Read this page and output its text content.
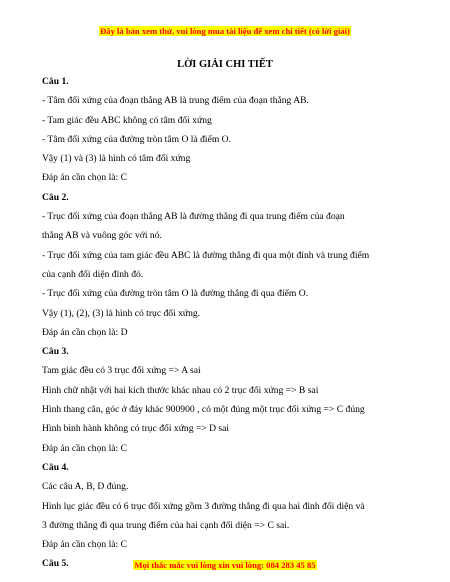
Đây là bản xem thử, vui lòng mua tài liệu để xem chi tiết (có lời giải)
LỜI GIẢI CHI TIẾT
Câu 1.
- Tâm đối xứng của đoạn thẳng AB là trung điểm của đoạn thẳng AB.
- Tam giác đều ABC không có tâm đối xứng
- Tâm đối xứng của đường tròn tâm O là điểm O.
Vậy (1) và (3) là hình có tâm đối xứng
Đáp án cần chọn là: C
Câu 2.
- Trục đối xứng của đoạn thẳng AB là đường thẳng đi qua trung điểm của đoạn
thẳng AB và vuông góc với nó.
- Trục đối xứng của tam giác đều ABC là đường thẳng đi qua một đỉnh và trung điểm
của cạnh đối diện đỉnh đó.
- Trục đối xứng của đường tròn tâm O là đường thẳng đi qua điểm O.
Vậy (1), (2), (3) là hình có trục đối xứng.
Đáp án cần chọn là: D
Câu 3.
Tam giác đều có 3 trục đối xứng => A sai
Hình chữ nhật với hai kích thước khác nhau có 2 trục đối xứng => B sai
Hình thang cân, góc ở đáy khác 900900 , có một đúng một trục đối xứng => C đúng
Hình bình hành không có trục đối xứng => D sai
Đáp án cần chọn là: C
Câu 4.
Các câu A, B, D đúng.
Hình lục giác đều có 6 trục đối xứng gồm 3 đường thẳng đi qua hai đỉnh đối diện và
3 đường thẳng đi qua trung điểm của hai cạnh đối diện => C sai.
Đáp án cần chọn là: C
Câu 5.	Mọi thắc mắc vui lòng xin vui lòng: 084 283 45 85
